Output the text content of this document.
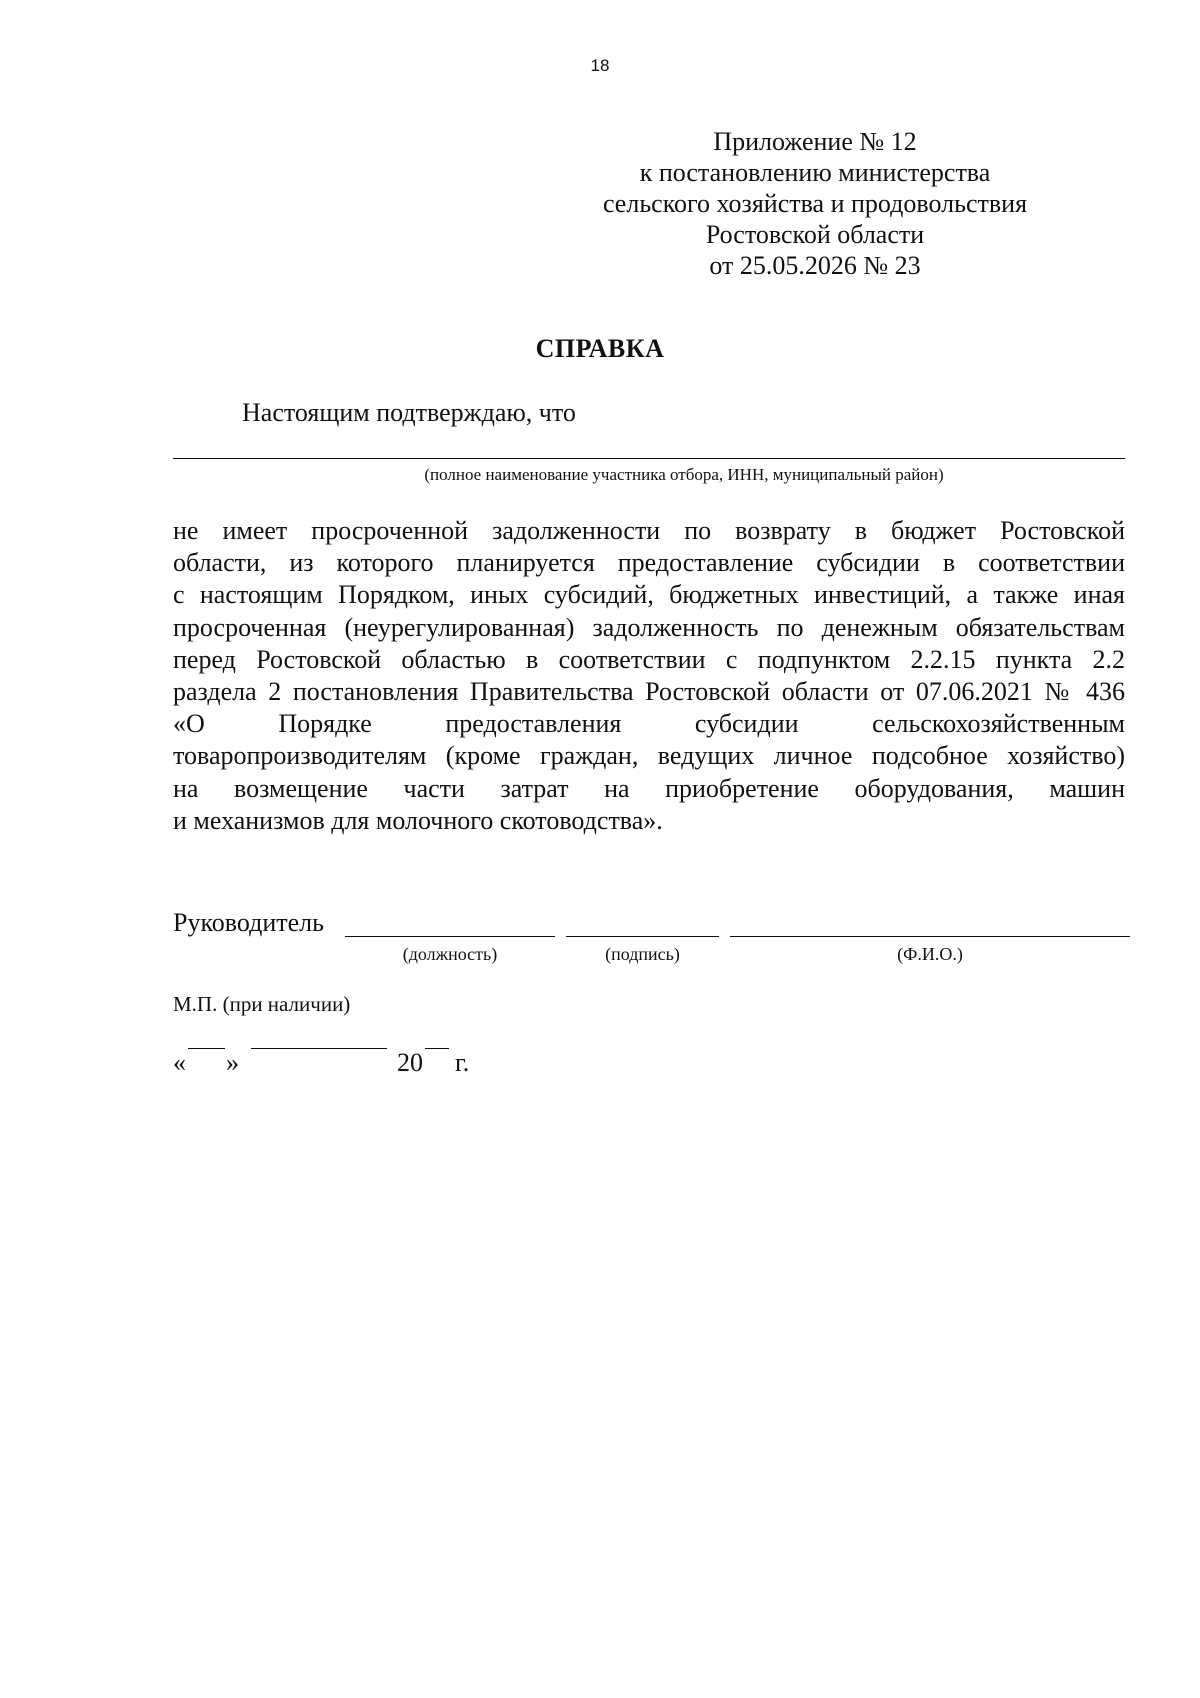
18
Приложение № 12
к постановлению министерства
сельского хозяйства и продовольствия
Ростовской области
от 25.05.2026 № 23
СПРАВКА
Настоящим подтверждаю, что
(полное наименование участника отбора, ИНН, муниципальный район)
не имеет просроченной задолженности по возврату в бюджет Ростовской
области, из которого планируется предоставление субсидии в соответствии
с настоящим Порядком, иных субсидий, бюджетных инвестиций, а также иная
просроченная (неурегулированная) задолженность по денежным обязательствам
перед Ростовской областью в соответствии с подпунктом 2.2.15 пункта 2.2
раздела 2 постановления Правительства Ростовской области от 07.06.2021 № 436
«О Порядке предоставления субсидии сельскохозяйственным
товаропроизводителям (кроме граждан, ведущих личное подсобное хозяйство)
на возмещение части затрат на приобретение оборудования, машин
и механизмов для молочного скотоводства».
Руководитель
(должность)	(подпись)	(Ф.И.О.)
М.П. (при наличии)
« »	20 г.
